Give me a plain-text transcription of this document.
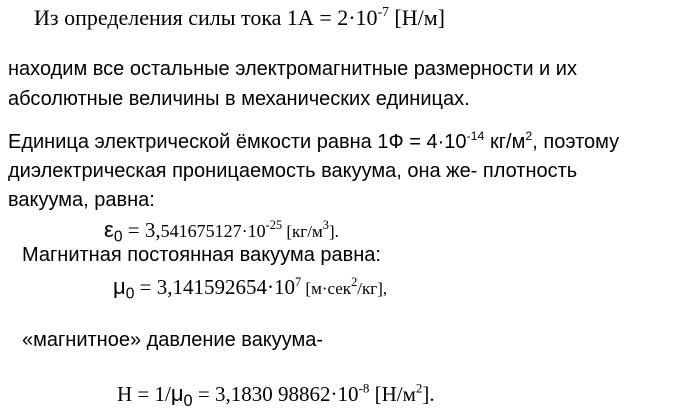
Из определения силы тока $1А = 2\cdot 10^{-7}$ [Н/м]
находим все остальные электромагнитные размерности и их
абсолютные величины в механических единицах.
Единица электрической ёмкости равна $1Ф = 4\cdot 10^{-14}$ $кг/м^2$, поэтому
диэлектрическая проницаемость вакуума, она же- плотность
вакуума, равна:
$\varepsilon_0 = 3,541675127\cdot 10^{-25}$ $[кг/м^3]$.
Магнитная постоянная вакуума равна:
$\mu_0 = 3,141592654\cdot 10^7$ [м·сек$^2$/кг],
«магнитное» давление вакуума-
$Н = 1/\mu_0 = 3,1830$ $98862\cdot 10^{-8}$ $[Н/м^2]$.
